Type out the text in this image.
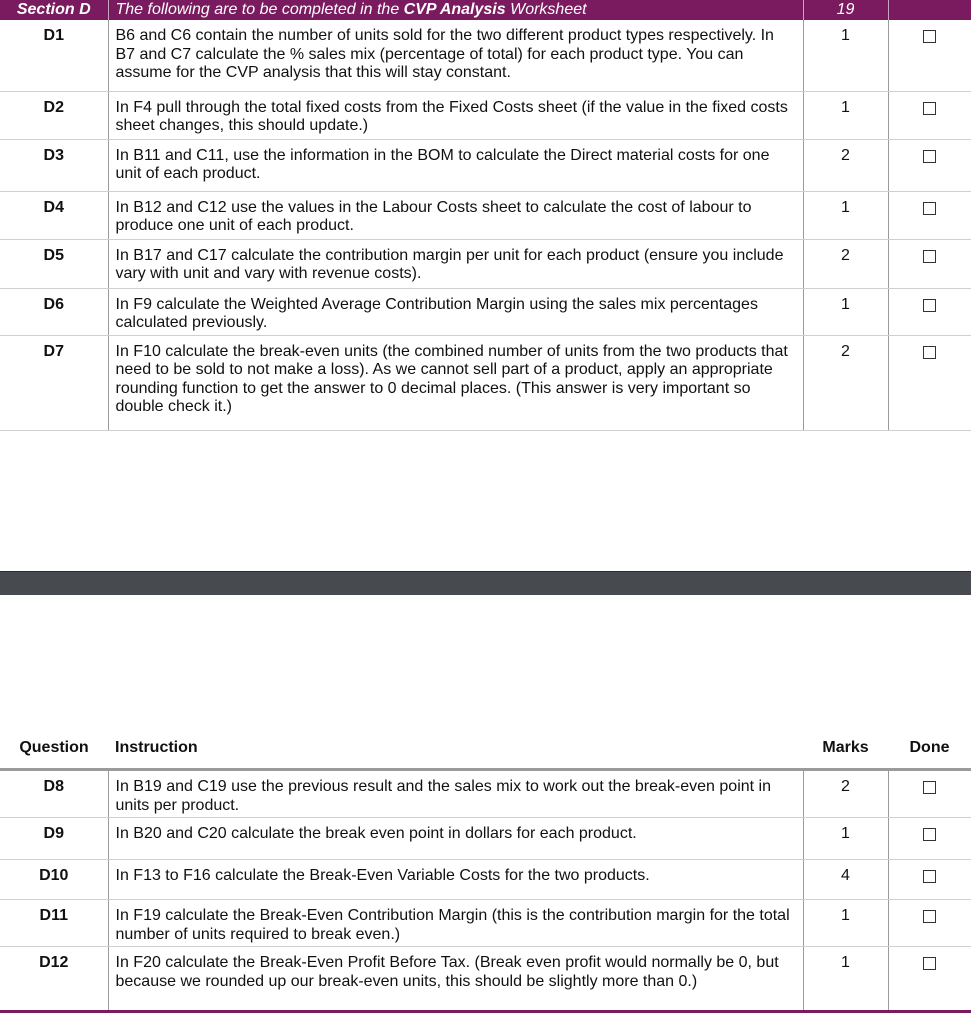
Section D	The following are to be completed in the CVP Analysis Worksheet	19	
D1	B6 and C6 contain the number of units sold for the two different product types respectively. In B7 and C7 calculate the % sales mix (percentage of total) for each product type. You can assume for the CVP analysis that this will stay constant.	1	
D2	In F4 pull through the total fixed costs from the Fixed Costs sheet (if the value in the fixed costs sheet changes, this should update.)	1	
D3	In B11 and C11, use the information in the BOM to calculate the Direct material costs for one unit of each product.	2	
D4	In B12 and C12 use the values in the Labour Costs sheet to calculate the cost of labour to produce one unit of each product.	1	
D5	In B17 and C17 calculate the contribution margin per unit for each product (ensure you include vary with unit and vary with revenue costs).	2	
D6	In F9 calculate the Weighted Average Contribution Margin using the sales mix percentages calculated previously.	1	
D7	In F10 calculate the break-even units (the combined number of units from the two products that need to be sold to not make a loss). As we cannot sell part of a product, apply an appropriate rounding function to get the answer to 0 decimal places. (This answer is very important so double check it.)	2	
Question	Instruction	Marks	Done
D8	In B19 and C19 use the previous result and the sales mix to work out the break-even point in units per product.	2	
D9	In B20 and C20 calculate the break even point in dollars for each product.	1	
D10	In F13 to F16 calculate the Break-Even Variable Costs for the two products.	4	
D11	In F19 calculate the Break-Even Contribution Margin (this is the contribution margin for the total number of units required to break even.)	1	
D12	In F20 calculate the Break-Even Profit Before Tax. (Break even profit would normally be 0, but because we rounded up our break-even units, this should be slightly more than 0.)	1	
